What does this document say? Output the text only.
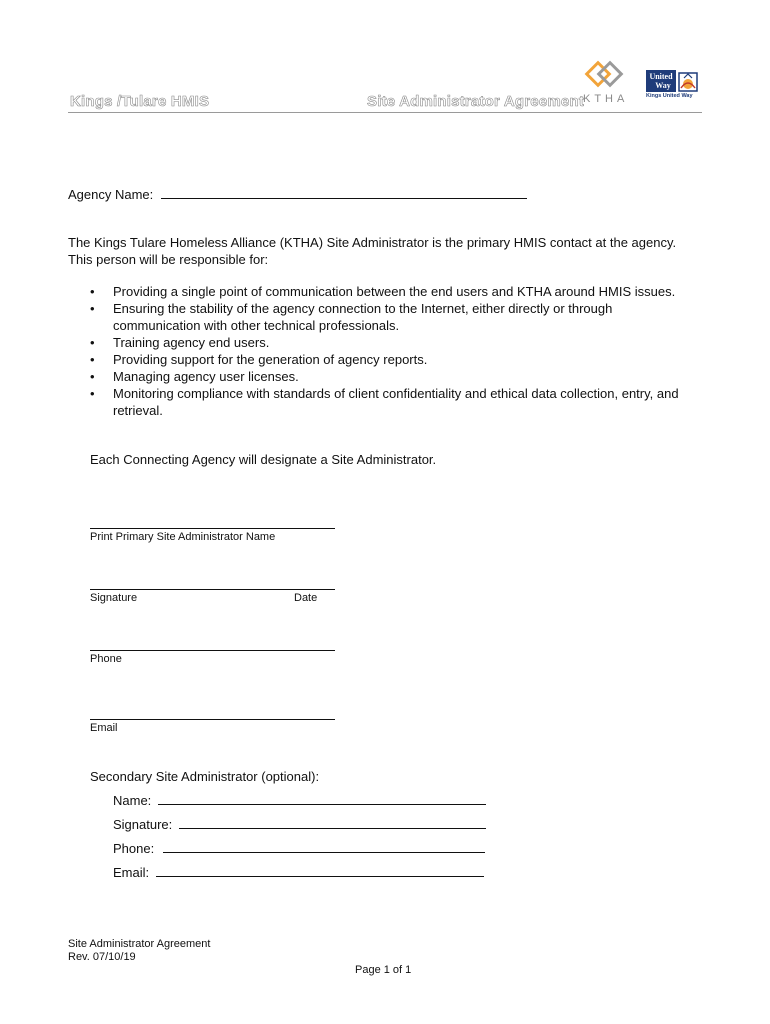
Kings /Tulare HMIS	Site Administrator Agreement
KTHA
United
Way
Kings United Way
Agency Name:
The Kings Tulare Homeless Alliance (KTHA) Site Administrator is the primary HMIS contact at the agency. This person will be responsible for:
• Providing a single point of communication between the end users and KTHA around HMIS issues.
• Ensuring the stability of the agency connection to the Internet, either directly or through communication with other technical professionals.
• Training agency end users.
• Providing support for the generation of agency reports.
• Managing agency user licenses.
• Monitoring compliance with standards of client confidentiality and ethical data collection, entry, and retrieval.
Each Connecting Agency will designate a Site Administrator.
Print Primary Site Administrator Name
Signature	Date
Phone
Email
Secondary Site Administrator (optional):
Name:
Signature:
Phone:
Email:
Site Administrator Agreement
Rev. 07/10/19
Page 1 of 1
